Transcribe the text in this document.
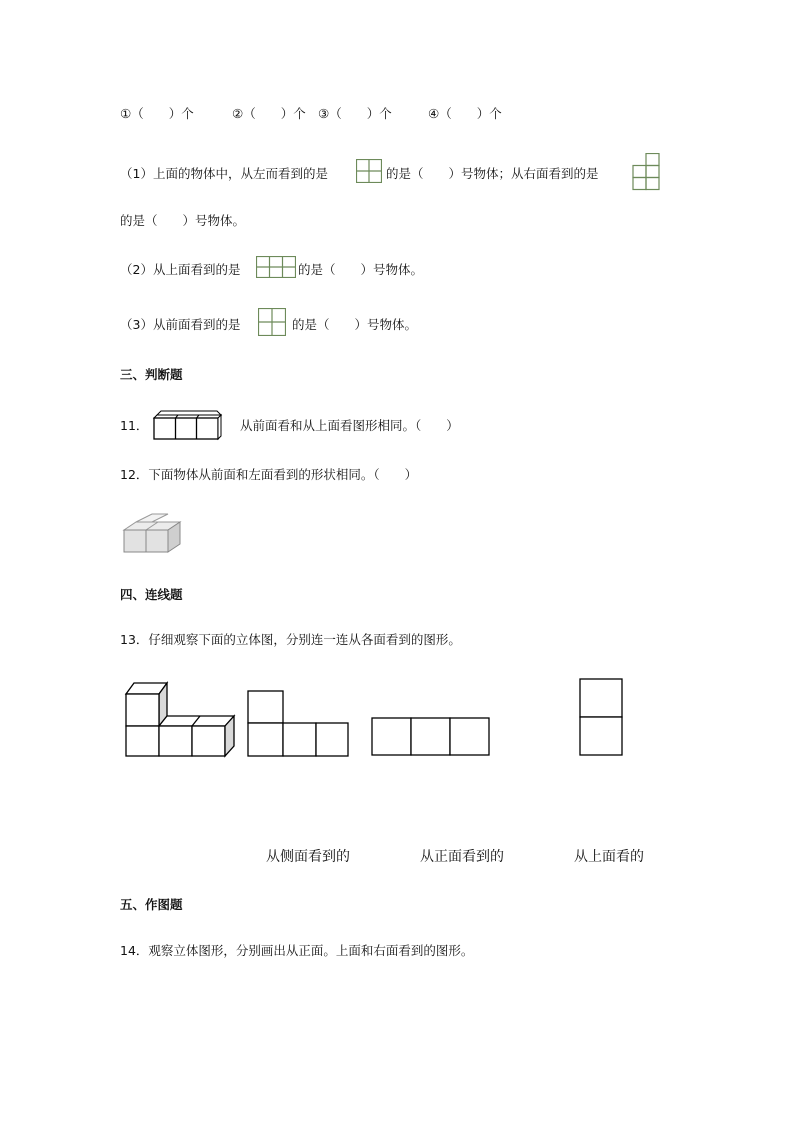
①（　　）个	②（　　）个 ③（　　）个	④（　　）个
（1）上面的物体中，从左而看到的是	的是（　　）号物体；从右面看到的是
的是（　　）号物体。
（2）从上面看到的是	的是（　　）号物体。
（3）从前面看到的是	的是（　　）号物体。
三、判断题
11．	从前面看和从上面看图形相同。（　　）
12．下面物体从前面和左面看到的形状相同。（　　）
四、连线题
13．仔细观察下面的立体图，分别连一连从各面看到的图形。
从侧面看到的	从正面看到的	从上面看的
五、作图题
14．观察立体图形，分别画出从正面。上面和右面看到的图形。
